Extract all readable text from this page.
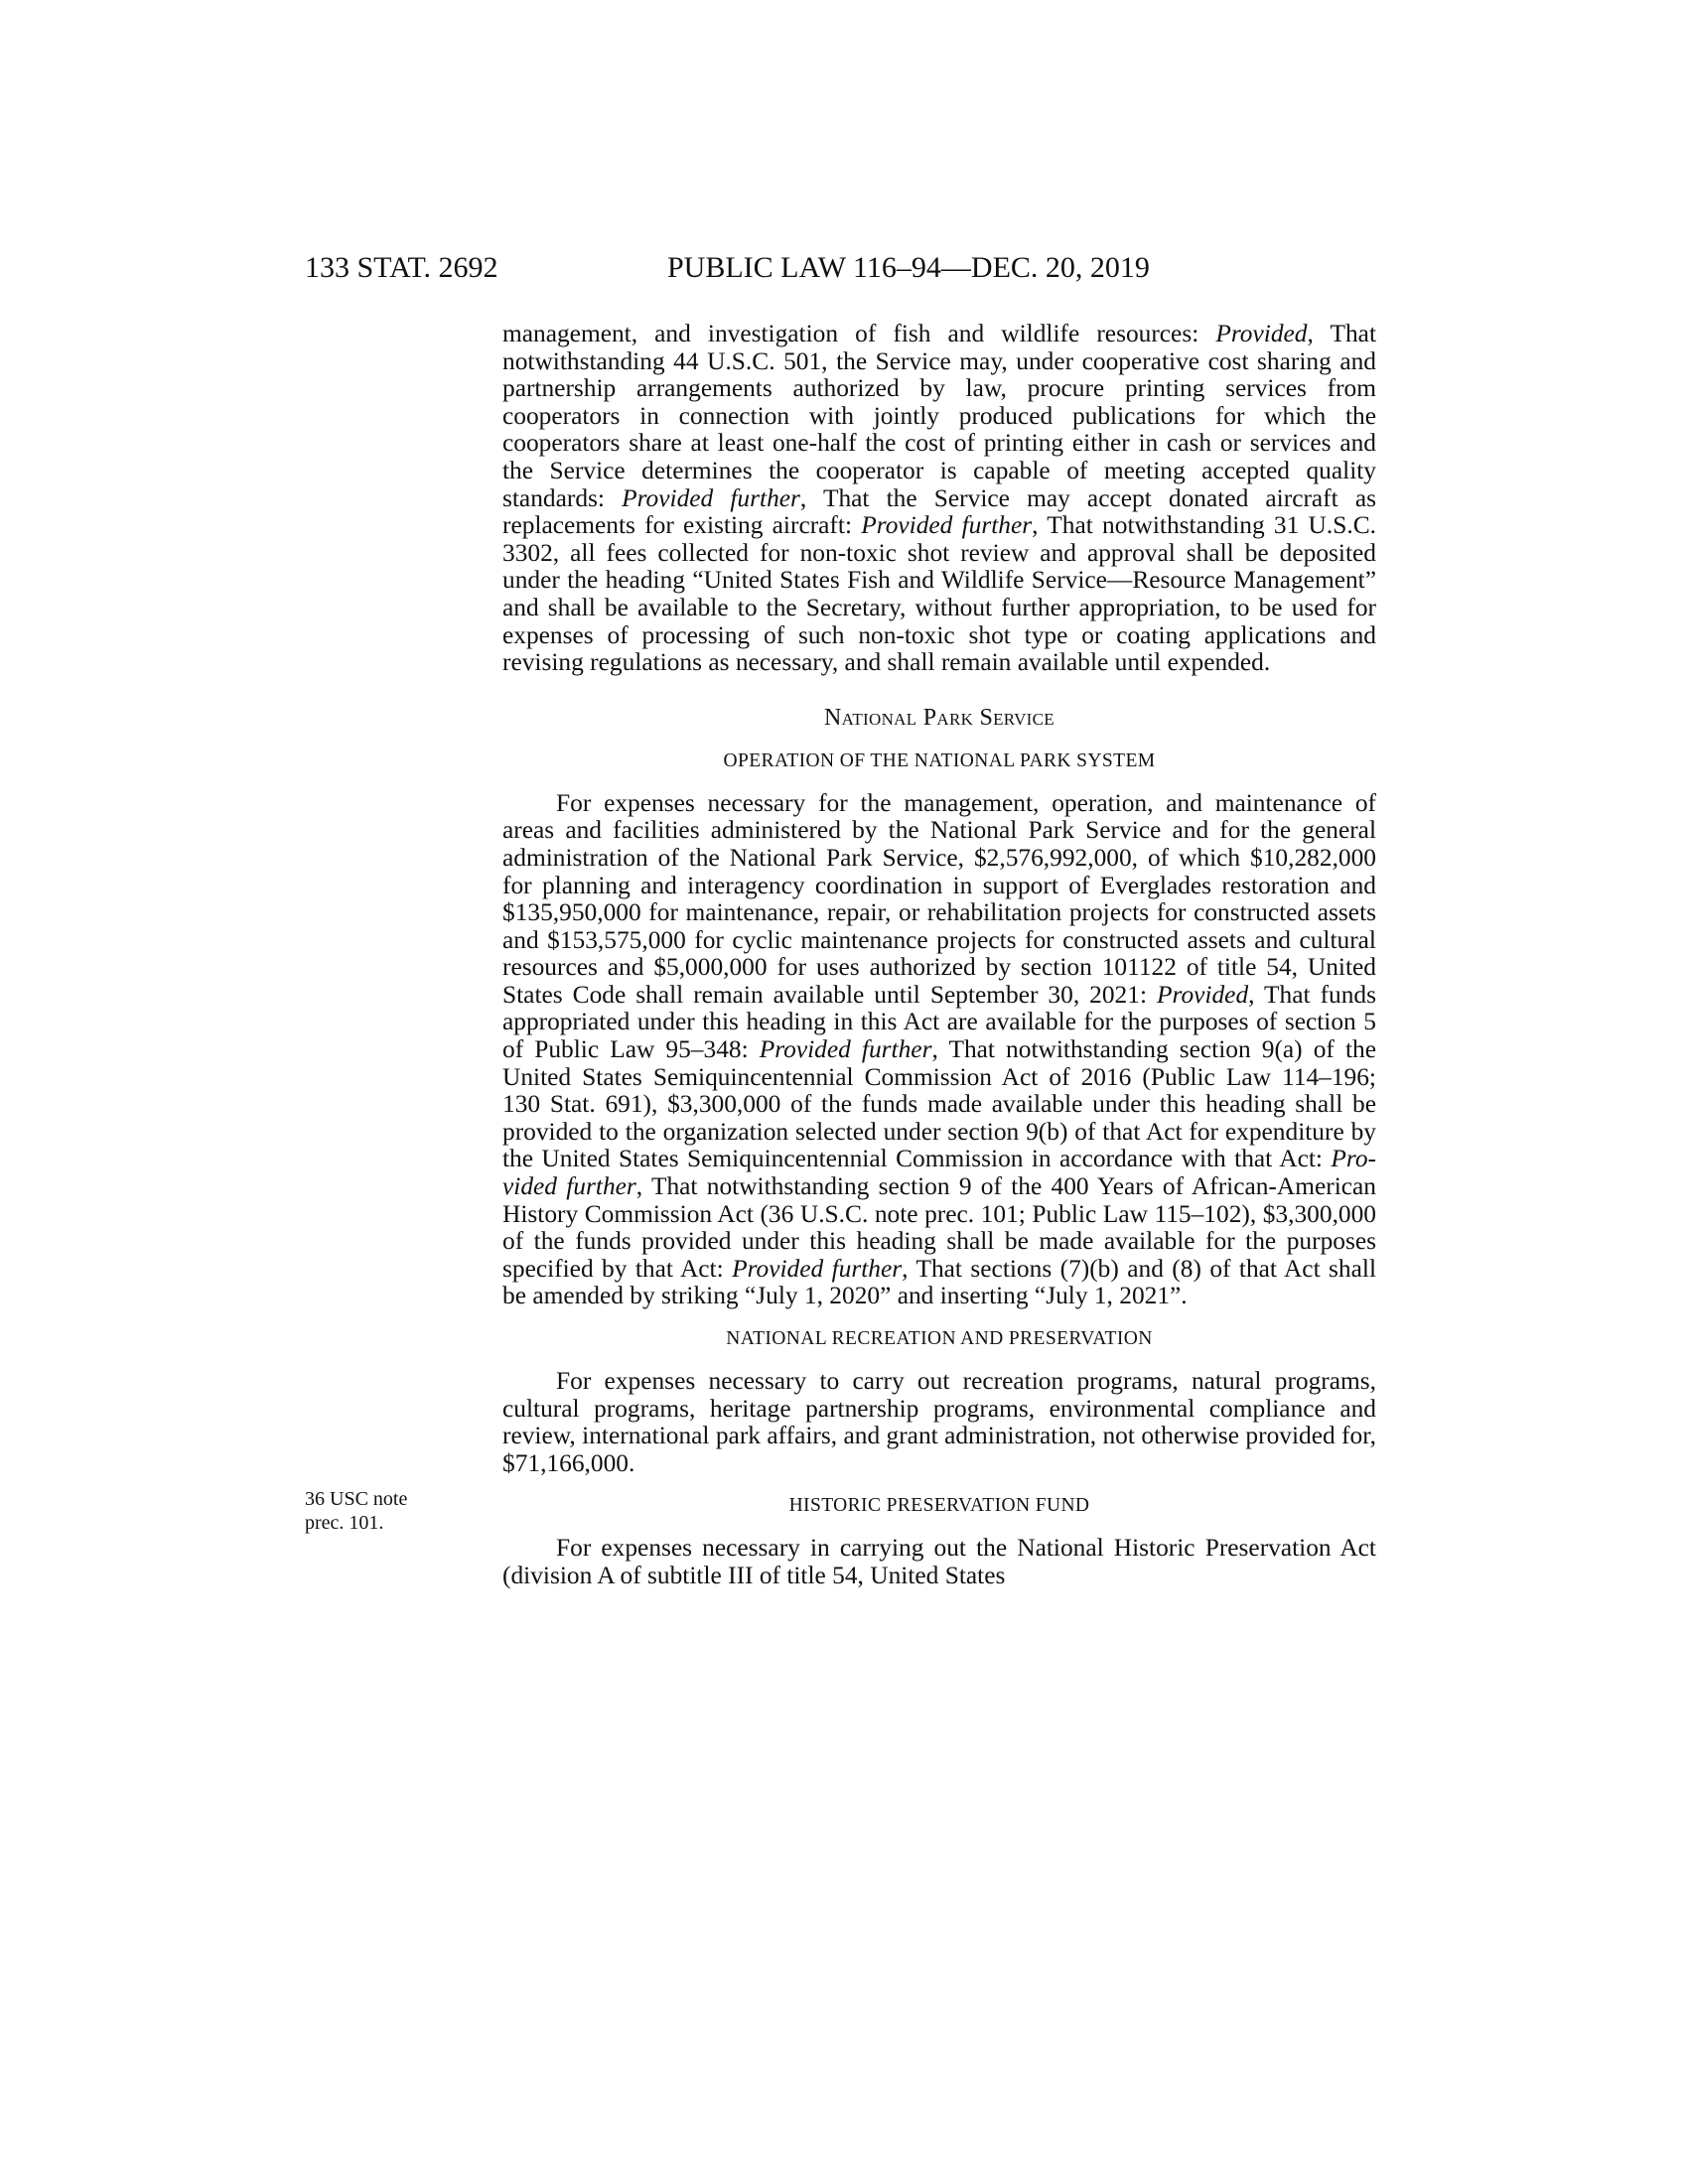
133 STAT. 2692	PUBLIC LAW 116–94—DEC. 20, 2019
36 USC note
prec. 101.

management, and investigation of fish and wildlife resources: Provided, That notwithstanding 44 U.S.C. 501, the Service may, under cooperative cost sharing and partnership arrangements authorized by law, procure printing services from cooperators in connection with jointly produced publications for which the cooperators share at least one-half the cost of printing either in cash or services and the Service determines the cooperator is capable of meeting accepted quality standards: Provided further, That the Service may accept donated aircraft as replacements for existing aircraft: Provided further, That notwithstanding 31 U.S.C. 3302, all fees collected for non-toxic shot review and approval shall be deposited under the heading “United States Fish and Wildlife Service—Resource Management” and shall be available to the Secretary, without further appropriation, to be used for expenses of processing of such non-toxic shot type or coating applications and revising regulations as necessary, and shall remain available until expended.

National Park Service
OPERATION OF THE NATIONAL PARK SYSTEM

For expenses necessary for the management, operation, and maintenance of areas and facilities administered by the National Park Service and for the general administration of the National Park Service, $2,576,992,000, of which $10,282,000 for planning and interagency coordination in support of Everglades restoration and $135,950,000 for maintenance, repair, or rehabilitation projects for constructed assets and $153,575,000 for cyclic maintenance projects for constructed assets and cultural resources and $5,000,000 for uses authorized by section 101122 of title 54, United States Code shall remain available until September 30, 2021: Provided, That funds appropriated under this heading in this Act are available for the purposes of section 5 of Public Law 95–348: Provided further, That notwithstanding section 9(a) of the United States Semiquincentennial Commission Act of 2016 (Public Law 114–196; 130 Stat. 691), $3,300,000 of the funds made available under this heading shall be provided to the organization selected under section 9(b) of that Act for expenditure by the United States Semiquincentennial Commission in accordance with that Act: Provided further, That notwithstanding section 9 of the 400 Years of African-American History Commission Act (36 U.S.C. note prec. 101; Public Law 115–102), $3,300,000 of the funds provided under this heading shall be made available for the purposes specified by that Act: Provided further, That sections (7)(b) and (8) of that Act shall be amended by striking “July 1, 2020” and inserting “July 1, 2021”.

NATIONAL RECREATION AND PRESERVATION

For expenses necessary to carry out recreation programs, natural programs, cultural programs, heritage partnership programs, environmental compliance and review, international park affairs, and grant administration, not otherwise provided for, $71,166,000.

HISTORIC PRESERVATION FUND

For expenses necessary in carrying out the National Historic Preservation Act (division A of subtitle III of title 54, United States
